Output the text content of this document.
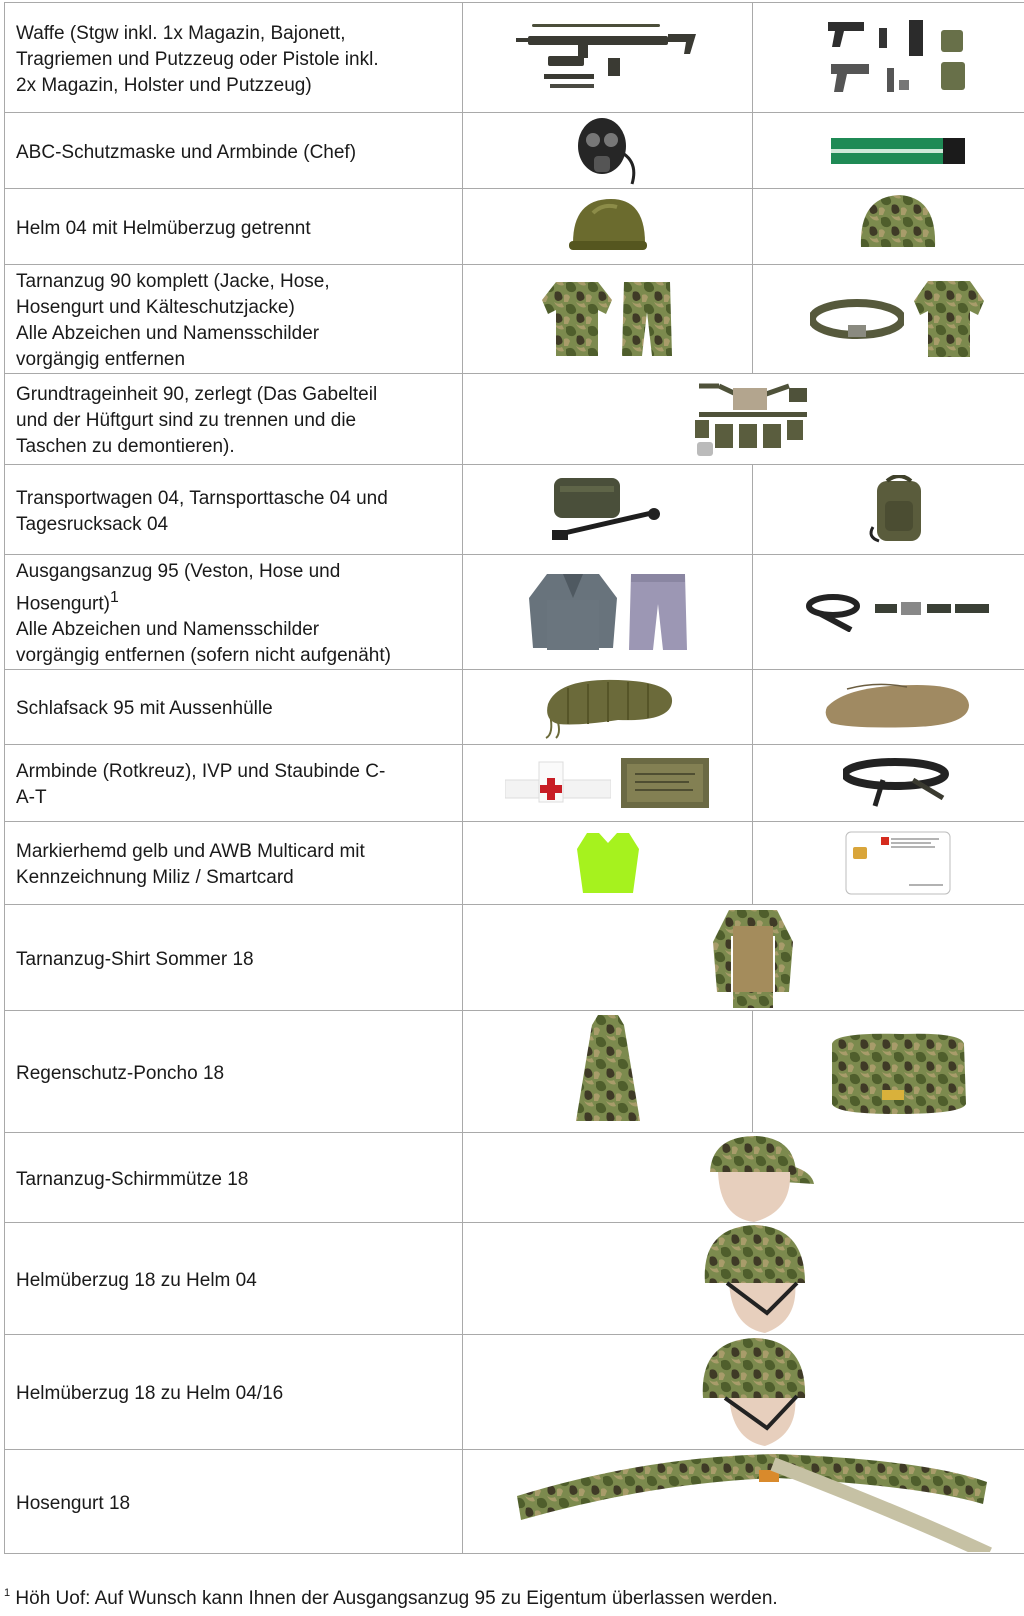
Waffe (Stgw inkl. 1x Magazin, Bajonett,
Tragriemen und Putzzeug oder Pistole inkl.
2x Magazin, Holster und Putzzeug)	

ABC-Schutzmaske und Armbinde (Chef)	

Helm 04 mit Helmüberzug getrennt	

Tarnanzug 90 komplett (Jacke, Hose,
Hosengurt und Kälteschutzjacke)
Alle Abzeichen und Namensschilder
vorgängig entfernen	

Grundtrageinheit 90, zerlegt (Das Gabelteil
und der Hüftgurt sind zu trennen und die
Taschen zu demontieren).	

Transportwagen 04, Tarnsporttasche 04 und
Tagesrucksack 04	

Ausgangsanzug 95 (Veston, Hose und
Hosengurt)$^1$
Alle Abzeichen und Namensschilder
vorgängig entfernen (sofern nicht aufgenäht)	

Schlafsack 95 mit Aussenhülle	

Armbinde (Rotkreuz), IVP und Staubinde C-
A-T	

Markierhemd gelb und AWB Multicard mit
Kennzeichnung Miliz / Smartcard	

Tarnanzug-Shirt Sommer 18	

Regenschutz-Poncho 18	

Tarnanzug-Schirmmütze 18	

Helmüberzug 18 zu Helm 04	

Helmüberzug 18 zu Helm 04/16	

Hosengurt 18	
$^1$ Höh Uof: Auf Wunsch kann Ihnen der Ausgangsanzug 95 zu Eigentum überlassen werden.
